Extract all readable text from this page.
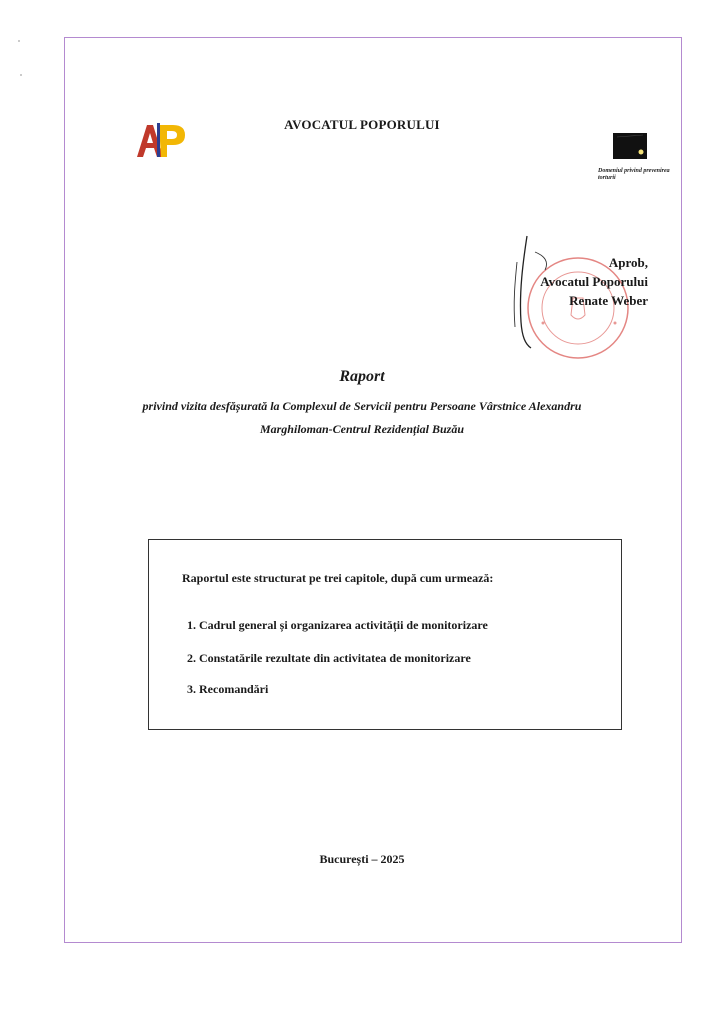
AVOCATUL POPORULUI
Domeniul privind prevenirea torturii
Aprob,
Avocatul Poporului
Renate Weber
Raport
privind vizita desfășurată la Complexul de Servicii pentru Persoane Vârstnice Alexandru Marghiloman-Centrul Rezidențial Buzău
Raportul este structurat pe trei capitole, după cum urmează:
1. Cadrul general și organizarea activității de monitorizare
2. Constatările rezultate din activitatea de monitorizare
3. Recomandări
București – 2025
